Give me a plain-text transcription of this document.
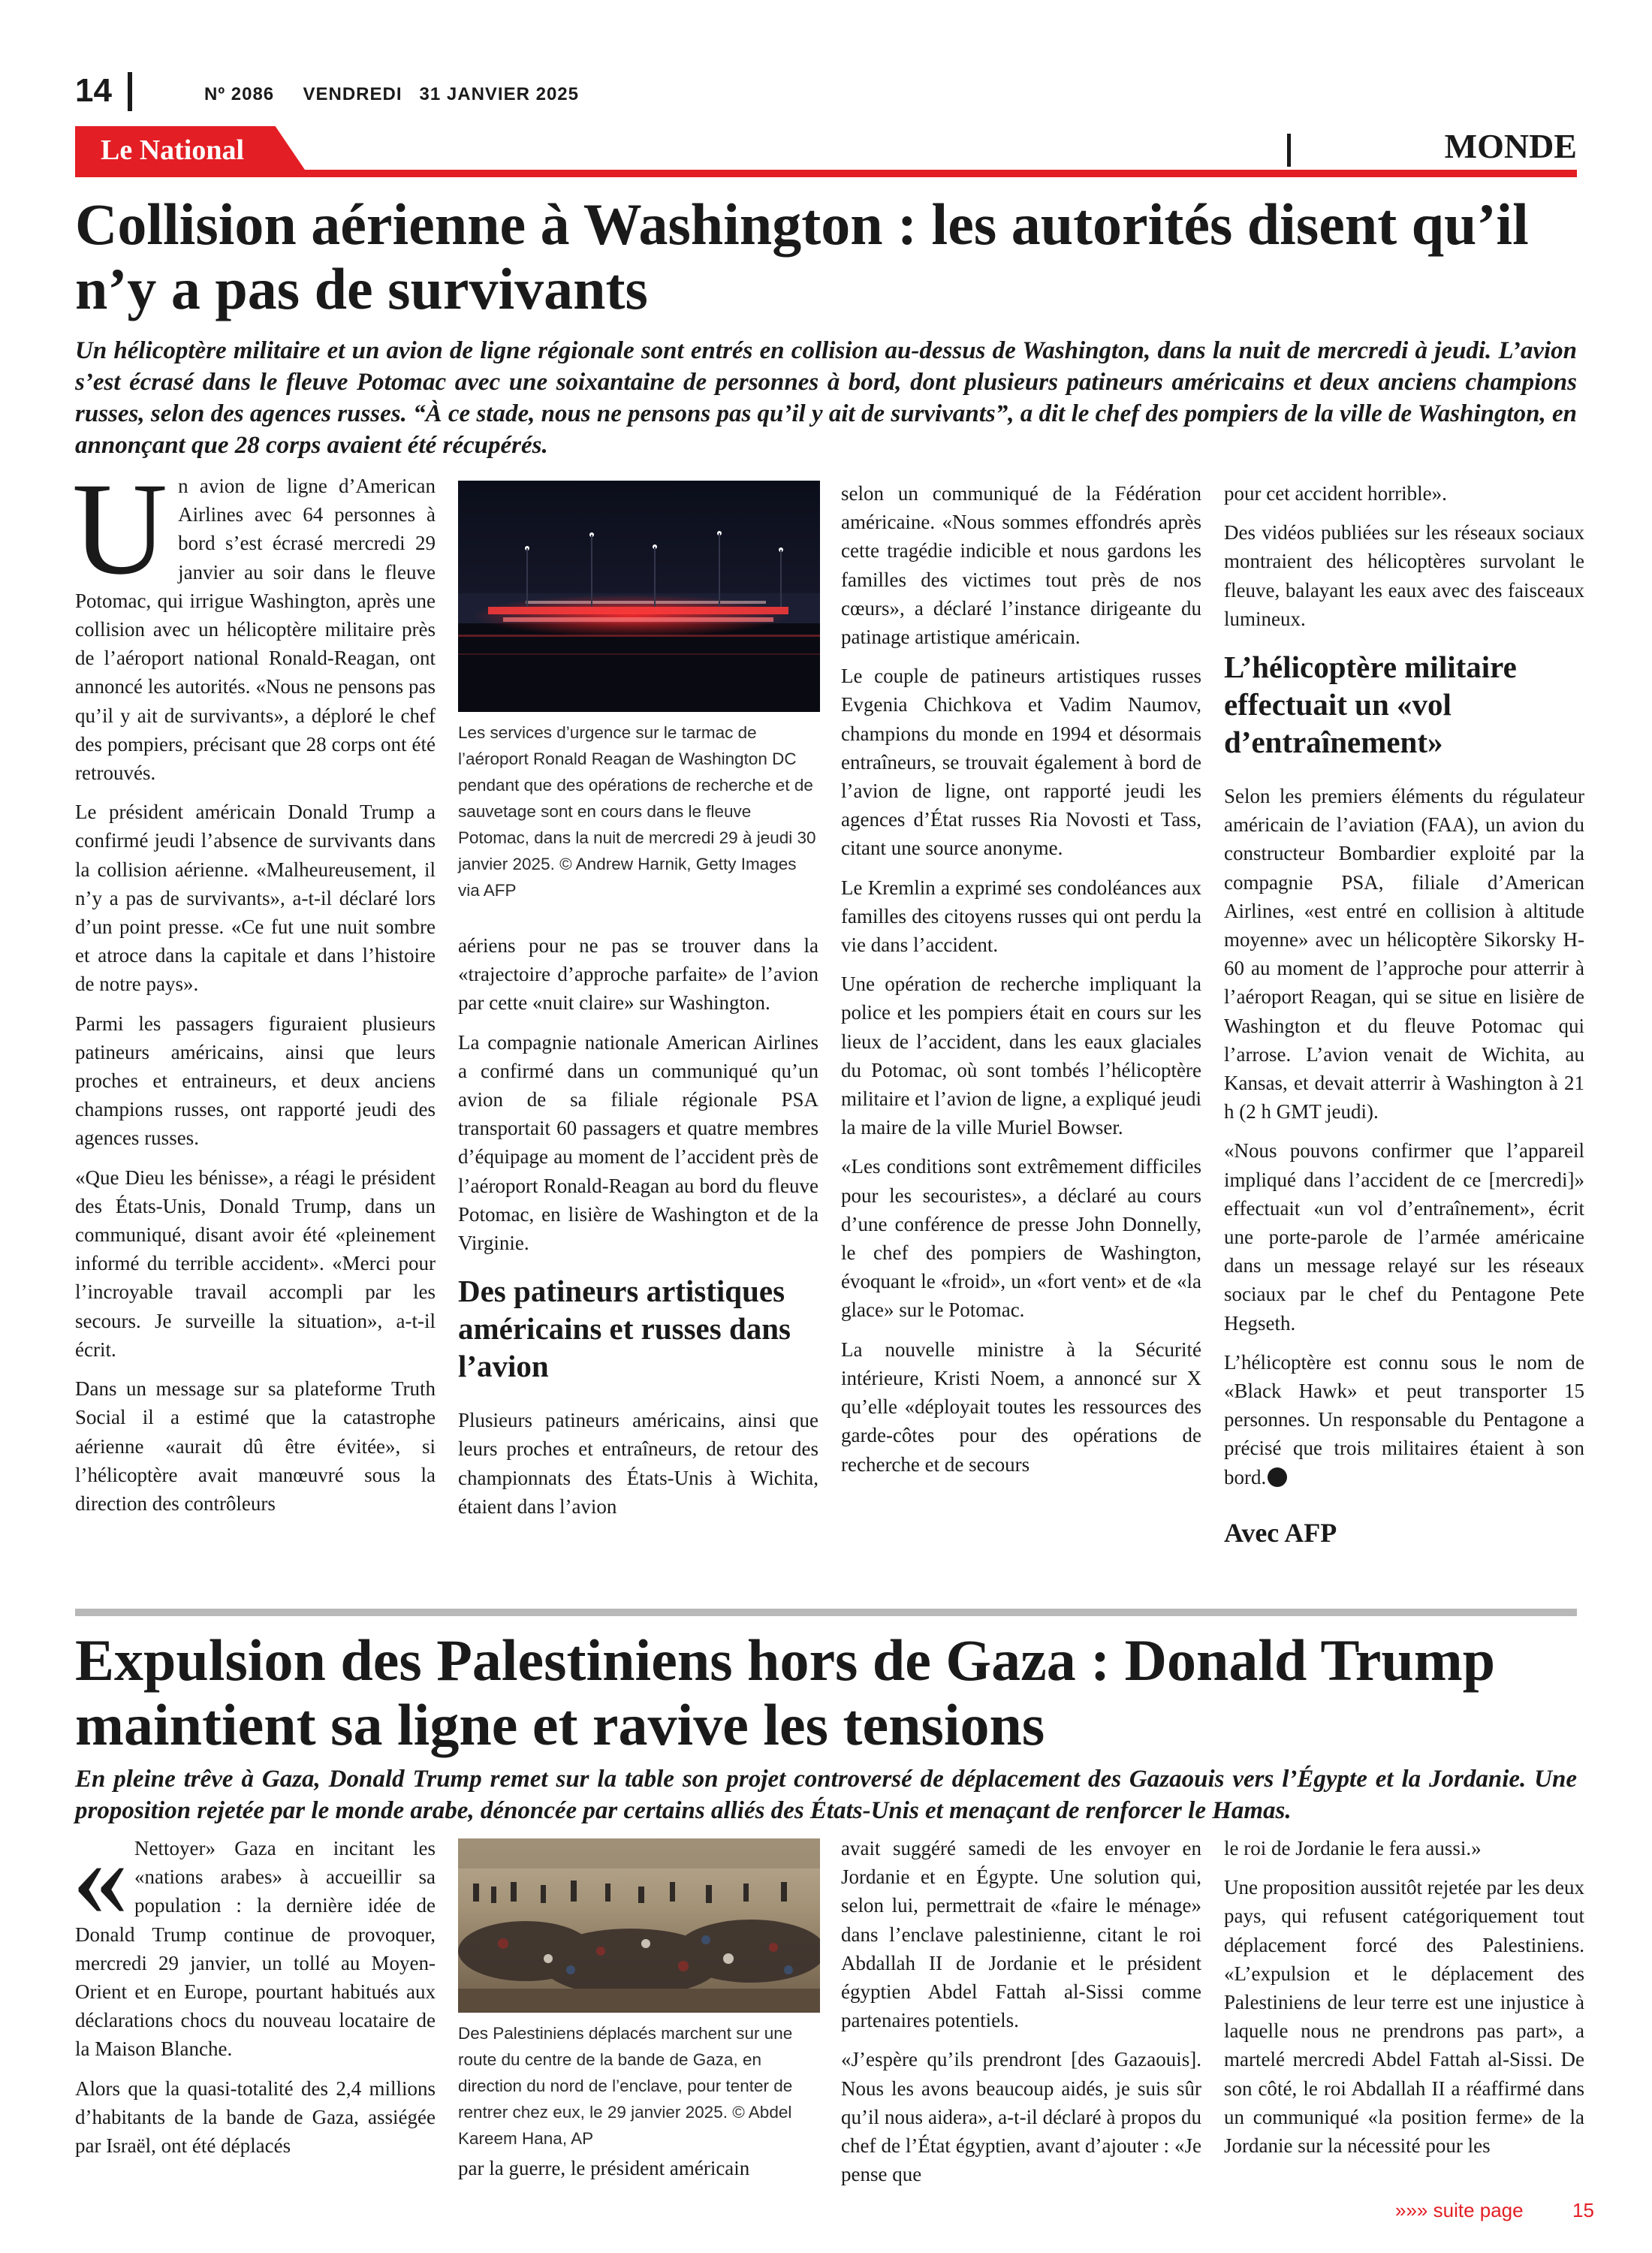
14	Nº 2086 VENDREDI 31 JANVIER 2025
Le National	MONDE
Collision aérienne à Washington : les autorités disent qu’il
n’y a pas de survivants

Un hélicoptère militaire et un avion de ligne régionale sont entrés en collision au-dessus de Washington, dans la nuit de mercredi à jeudi. L’avion s’est écrasé dans le fleuve Potomac avec une soixantaine de personnes à bord, dont plusieurs patineurs américains et deux anciens champions russes, selon des agences russes. “À ce stade, nous ne pensons pas qu’il y ait de survivants”, a dit le chef des pompiers de la ville de Washington, en annonçant que 28 corps avaient été récupérés.

Un avion de ligne d’American Airlines avec 64 personnes à bord s’est écrasé mercredi 29 janvier au soir dans le fleuve Potomac, qui irrigue Washington, après une collision avec un hélicoptère militaire près de l’aéroport national Ronald-Reagan, ont annoncé les autorités. «Nous ne pensons pas qu’il y ait de survivants», a déploré le chef des pompiers, précisant que 28 corps ont été retrouvés.

Le président américain Donald Trump a confirmé jeudi l’absence de survivants dans la collision aérienne. «Malheureusement, il n’y a pas de survivants», a-t-il déclaré lors d’un point presse. «Ce fut une nuit sombre et atroce dans la capitale et dans l’histoire de notre pays».

Parmi les passagers figuraient plusieurs patineurs américains, ainsi que leurs proches et entraineurs, et deux anciens champions russes, ont rapporté jeudi des agences russes.

«Que Dieu les bénisse», a réagi le président des États-Unis, Donald Trump, dans un communiqué, disant avoir été «pleinement informé du terrible accident». «Merci pour l’incroyable travail accompli par les secours. Je surveille la situation», a-t-il écrit.

Dans un message sur sa plateforme Truth Social il a estimé que la catastrophe aérienne «aurait dû être évitée», si l’hélicoptère avait manœuvré sous la direction des contrôleurs

Les services d’urgence sur le tarmac de l’aéroport Ronald Reagan de Washington DC pendant que des opérations de recherche et de sauvetage sont en cours dans le fleuve Potomac, dans la nuit de mercredi 29 à jeudi 30 janvier 2025. © Andrew Harnik, Getty Images via AFP

aériens pour ne pas se trouver dans la «trajectoire d’approche parfaite» de l’avion par cette «nuit claire» sur Washington.

La compagnie nationale American Airlines a confirmé dans un communiqué qu’un avion de sa filiale régionale PSA transportait 60 passagers et quatre membres d’équipage au moment de l’accident près de l’aéroport Ronald-Reagan au bord du fleuve Potomac, en lisière de Washington et de la Virginie.

Des patineurs artistiques américains et russes dans l’avion

Plusieurs patineurs américains, ainsi que leurs proches et entraîneurs, de retour des championnats des États-Unis à Wichita, étaient dans l’avion

selon un communiqué de la Fédération américaine. «Nous sommes effondrés après cette tragédie indicible et nous gardons les familles des victimes tout près de nos cœurs», a déclaré l’instance dirigeante du patinage artistique américain.

Le couple de patineurs artistiques russes Evgenia Chichkova et Vadim Naumov, champions du monde en 1994 et désormais entraîneurs, se trouvait également à bord de l’avion de ligne, ont rapporté jeudi les agences d’État russes Ria Novosti et Tass, citant une source anonyme.

Le Kremlin a exprimé ses condoléances aux familles des citoyens russes qui ont perdu la vie dans l’accident.

Une opération de recherche impliquant la police et les pompiers était en cours sur les lieux de l’accident, dans les eaux glaciales du Potomac, où sont tombés l’hélicoptère militaire et l’avion de ligne, a expliqué jeudi la maire de la ville Muriel Bowser.

«Les conditions sont extrêmement difficiles pour les secouristes», a déclaré au cours d’une conférence de presse John Donnelly, le chef des pompiers de Washington, évoquant le «froid», un «fort vent» et de «la glace» sur le Potomac.

La nouvelle ministre à la Sécurité intérieure, Kristi Noem, a annoncé sur X qu’elle «déployait toutes les ressources des garde-côtes pour des opérations de recherche et de secours

pour cet accident horrible».

Des vidéos publiées sur les réseaux sociaux montraient des hélicoptères survolant le fleuve, balayant les eaux avec des faisceaux lumineux.

L’hélicoptère militaire effectuait un «vol d’entraînement»

Selon les premiers éléments du régulateur américain de l’aviation (FAA), un avion du constructeur Bombardier exploité par la compagnie PSA, filiale d’American Airlines, «est entré en collision à altitude moyenne» avec un hélicoptère Sikorsky H-60 au moment de l’approche pour atterrir à l’aéroport Reagan, qui se situe en lisière de Washington et du fleuve Potomac qui l’arrose. L’avion venait de Wichita, au Kansas, et devait atterrir à Washington à 21 h (2 h GMT jeudi).

«Nous pouvons confirmer que l’appareil impliqué dans l’accident de ce [mercredi]» effectuait «un vol d’entraînement», écrit une porte-parole de l’armée américaine dans un message relayé sur les réseaux sociaux par le chef du Pentagone Pete Hegseth.

L’hélicoptère est connu sous le nom de «Black Hawk» et peut transporter 15 personnes. Un responsable du Pentagone a précisé que trois militaires étaient à son bord.

Avec AFP
Expulsion des Palestiniens hors de Gaza : Donald Trump
maintient sa ligne et ravive les tensions

En pleine trêve à Gaza, Donald Trump remet sur la table son projet controversé de déplacement des Gazaouis vers l’Égypte et la Jordanie. Une proposition rejetée par le monde arabe, dénoncée par certains alliés des États-Unis et menaçant de renforcer le Hamas.

« Nettoyer» Gaza en incitant les «nations arabes» à accueillir sa population : la dernière idée de Donald Trump continue de provoquer, mercredi 29 janvier, un tollé au Moyen-Orient et en Europe, pourtant habitués aux déclarations chocs du nouveau locataire de la Maison Blanche.

Alors que la quasi-totalité des 2,4 millions d’habitants de la bande de Gaza, assiégée par Israël, ont été déplacés

Des Palestiniens déplacés marchent sur une route du centre de la bande de Gaza, en direction du nord de l’enclave, pour tenter de rentrer chez eux, le 29 janvier 2025. © Abdel Kareem Hana, AP

par la guerre, le président américain

avait suggéré samedi de les envoyer en Jordanie et en Égypte. Une solution qui, selon lui, permettrait de «faire le ménage» dans l’enclave palestinienne, citant le roi Abdallah II de Jordanie et le président égyptien Abdel Fattah al-Sissi comme partenaires potentiels.

«J’espère qu’ils prendront [des Gazaouis]. Nous les avons beaucoup aidés, je suis sûr qu’il nous aidera», a-t-il déclaré à propos du chef de l’État égyptien, avant d’ajouter : «Je pense que

le roi de Jordanie le fera aussi.»

Une proposition aussitôt rejetée par les deux pays, qui refusent catégoriquement tout déplacement forcé des Palestiniens. «L’expulsion et le déplacement des Palestiniens de leur terre est une injustice à laquelle nous ne prendrons pas part», a martelé mercredi Abdel Fattah al-Sissi. De son côté, le roi Abdallah II a réaffirmé dans un communiqué «la position ferme» de la Jordanie sur la nécessité pour les

»»» suite page	15
